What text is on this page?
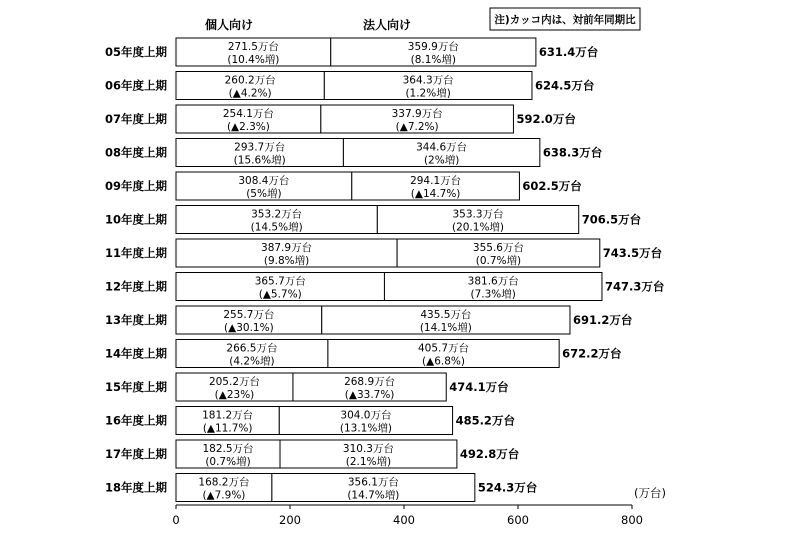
注)カッコ内は、対前年同期比
個人向け	法人向け
(万台)
05年度上期	271.5万台
(10.4%増)
359.9万台
(8.1%増)
631.4万台
06年度上期	260.2万台
(▲4.2%)
364.3万台
(1.2%増)
624.5万台
07年度上期	254.1万台
(▲2.3%)
337.9万台
(▲7.2%)
592.0万台
08年度上期	293.7万台
(15.6%増)
344.6万台
(2%増)
638.3万台
09年度上期	308.4万台
(5%増)
294.1万台
(▲14.7%)
602.5万台
10年度上期	353.2万台
(14.5%増)
353.3万台
(20.1%増)
706.5万台
11年度上期	387.9万台
(9.8%増)
355.6万台
(0.7%増)
743.5万台
12年度上期	365.7万台
(▲5.7%)
381.6万台
(7.3%増)
747.3万台
13年度上期	255.7万台
(▲30.1%)
435.5万台
(14.1%増)
691.2万台
14年度上期	266.5万台
(4.2%増)
405.7万台
(▲6.8%)
672.2万台
15年度上期	205.2万台
(▲23%)
268.9万台
(▲33.7%)
474.1万台
16年度上期	181.2万台
(▲11.7%)
304.0万台
(13.1%増)
485.2万台
17年度上期	182.5万台
(0.7%増)
310.3万台
(2.1%増)
492.8万台
18年度上期	168.2万台
(▲7.9%)
356.1万台
(14.7%増)
524.3万台
0	200	400	600	800
